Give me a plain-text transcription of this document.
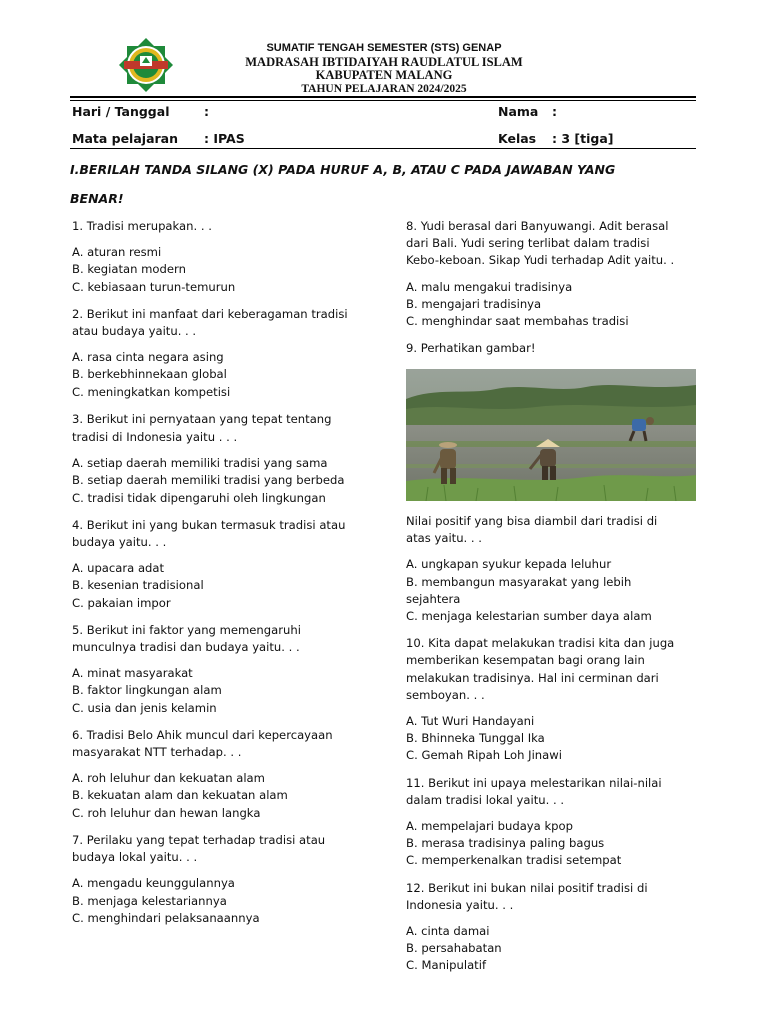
SUMATIF TENGAH SEMESTER (STS) GENAP
MADRASAH IBTIDAIYAH RAUDLATUL ISLAM
KABUPATEN MALANG
TAHUN PELAJARAN 2024/2025
Hari / Tanggal	:	Nama :
Mata pelajaran : IPAS	Kelas : 3 [tiga]
I.BERILAH TANDA SILANG (X) PADA HURUF A, B, ATAU C PADA JAWABAN YANG
BENAR!
1. Tradisi merupakan. . .
A. aturan resmi
B. kegiatan modern
C. kebiasaan turun-temurun
2. Berikut ini manfaat dari keberagaman tradisi
atau budaya yaitu. . .
A. rasa cinta negara asing
B. berkebhinnekaan global
C. meningkatkan kompetisi
3. Berikut ini pernyataan yang tepat tentang
tradisi di Indonesia yaitu . . .
A. setiap daerah memiliki tradisi yang sama
B. setiap daerah memiliki tradisi yang berbeda
C. tradisi tidak dipengaruhi oleh lingkungan
4. Berikut ini yang bukan termasuk tradisi atau
budaya yaitu. . .
A. upacara adat
B. kesenian tradisional
C. pakaian impor
5. Berikut ini faktor yang memengaruhi
munculnya tradisi dan budaya yaitu. . .
A. minat masyarakat
B. faktor lingkungan alam
C. usia dan jenis kelamin
6. Tradisi Belo Ahik muncul dari kepercayaan
masyarakat NTT terhadap. . .
A. roh leluhur dan kekuatan alam
B. kekuatan alam dan kekuatan alam
C. roh leluhur dan hewan langka
7. Perilaku yang tepat terhadap tradisi atau
budaya lokal yaitu. . .
A. mengadu keunggulannya
B. menjaga kelestariannya
C. menghindari pelaksanaannya
8. Yudi berasal dari Banyuwangi. Adit berasal
dari Bali. Yudi sering terlibat dalam tradisi
Kebo-keboan. Sikap Yudi terhadap Adit yaitu. .
A. malu mengakui tradisinya
B. mengajari tradisinya
C. menghindar saat membahas tradisi
9. Perhatikan gambar!
Nilai positif yang bisa diambil dari tradisi di
atas yaitu. . .
A. ungkapan syukur kepada leluhur
B. membangun masyarakat yang lebih
sejahtera
C. menjaga kelestarian sumber daya alam
10. Kita dapat melakukan tradisi kita dan juga
memberikan kesempatan bagi orang lain
melakukan tradisinya. Hal ini cerminan dari
semboyan. . .
A. Tut Wuri Handayani
B. Bhinneka Tunggal Ika
C. Gemah Ripah Loh Jinawi
11. Berikut ini upaya melestarikan nilai-nilai
dalam tradisi lokal yaitu. . .
A. mempelajari budaya kpop
B. merasa tradisinya paling bagus
C. memperkenalkan tradisi setempat
12. Berikut ini bukan nilai positif tradisi di
Indonesia yaitu. . .
A. cinta damai
B. persahabatan
C. Manipulatif
